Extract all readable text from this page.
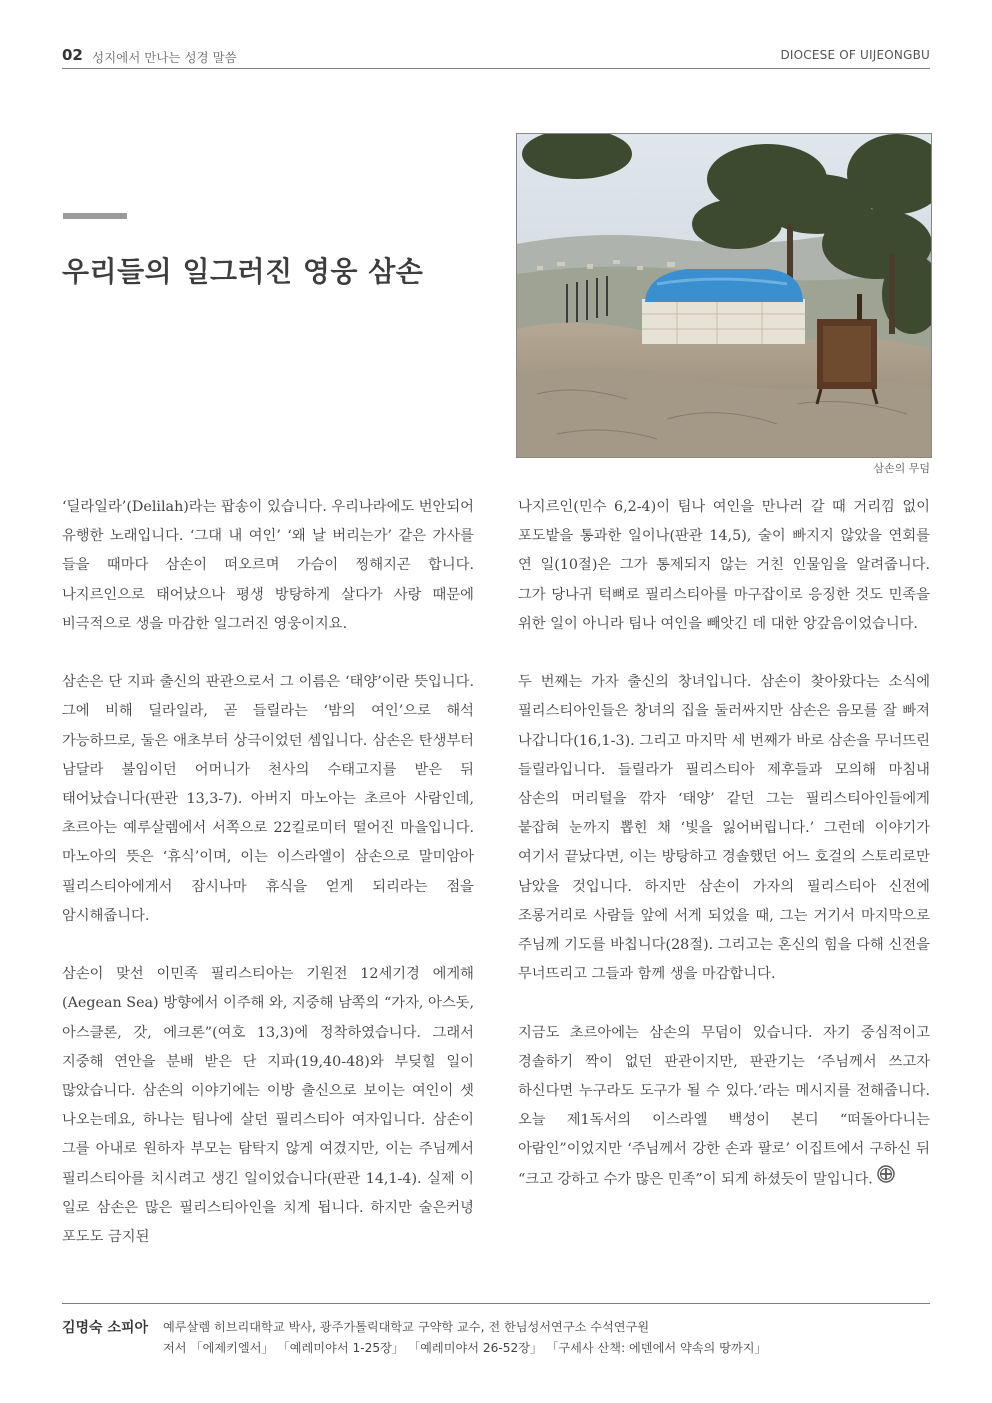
02 성지에서 만나는 성경 말씀	DIOCESE OF UIJEONGBU
우리들의 일그러진 영웅 삼손
삼손의 무덤

‘딜라일라’(Delilah)라는 팝송이 있습니다. 우리나라에도 번안되어 유행한 노래입니다. ‘그대 내 여인’ ‘왜 날 버리는가’ 같은 가사를 들을 때마다 삼손이 떠오르며 가슴이 찡해지곤 합니다. 나지르인으로 태어났으나 평생 방탕하게 살다가 사랑 때문에 비극적으로 생을 마감한 일그러진 영웅이지요.

삼손은 단 지파 출신의 판관으로서 그 이름은 ‘태양’이란 뜻입니다. 그에 비해 딜라일라, 곧 들릴라는 ‘밤의 여인’으로 해석 가능하므로, 둘은 애초부터 상극이었던 셈입니다. 삼손은 탄생부터 남달라 불임이던 어머니가 천사의 수태고지를 받은 뒤 태어났습니다(판관 13,3-7). 아버지 마노아는 초르아 사람인데, 초르아는 예루살렘에서 서쪽으로 22킬로미터 떨어진 마을입니다. 마노아의 뜻은 ‘휴식’이며, 이는 이스라엘이 삼손으로 말미암아 필리스티아에게서 잠시나마 휴식을 얻게 되리라는 점을 암시해줍니다.

삼손이 맞선 이민족 필리스티아는 기원전 12세기경 에게해(Aegean Sea) 방향에서 이주해 와, 지중해 남쪽의 “가자, 아스돗, 아스클론, 갓, 에크론”(여호 13,3)에 정착하였습니다. 그래서 지중해 연안을 분배 받은 단 지파(19,40-48)와 부딪힐 일이 많았습니다. 삼손의 이야기에는 이방 출신으로 보이는 여인이 셋 나오는데요, 하나는 팀나에 살던 필리스티아 여자입니다. 삼손이 그를 아내로 원하자 부모는 탐탁지 않게 여겼지만, 이는 주님께서 필리스티아를 치시려고 생긴 일이었습니다(판관 14,1-4). 실제 이 일로 삼손은 많은 필리스티아인을 치게 됩니다. 하지만 술은커녕 포도도 금지된

나지르인(민수 6,2-4)이 팀나 여인을 만나러 갈 때 거리낌 없이 포도밭을 통과한 일이나(판관 14,5), 술이 빠지지 않았을 연회를 연 일(10절)은 그가 통제되지 않는 거친 인물임을 알려줍니다. 그가 당나귀 턱뼈로 필리스티아를 마구잡이로 응징한 것도 민족을 위한 일이 아니라 팀나 여인을 빼앗긴 데 대한 앙갚음이었습니다.

두 번째는 가자 출신의 창녀입니다. 삼손이 찾아왔다는 소식에 필리스티아인들은 창녀의 집을 둘러싸지만 삼손은 음모를 잘 빠져 나갑니다(16,1-3). 그리고 마지막 세 번째가 바로 삼손을 무너뜨린 들릴라입니다. 들릴라가 필리스티아 제후들과 모의해 마침내 삼손의 머리털을 깎자 ‘태양’ 같던 그는 필리스티아인들에게 붙잡혀 눈까지 뽑힌 채 ‘빛을 잃어버립니다.’ 그런데 이야기가 여기서 끝났다면, 이는 방탕하고 경솔했던 어느 호걸의 스토리로만 남았을 것입니다. 하지만 삼손이 가자의 필리스티아 신전에 조롱거리로 사람들 앞에 서게 되었을 때, 그는 거기서 마지막으로 주님께 기도를 바칩니다(28절). 그리고는 혼신의 힘을 다해 신전을 무너뜨리고 그들과 함께 생을 마감합니다.

지금도 초르아에는 삼손의 무덤이 있습니다. 자기 중심적이고 경솔하기 짝이 없던 판관이지만, 판관기는 ‘주님께서 쓰고자 하신다면 누구라도 도구가 될 수 있다.’라는 메시지를 전해줍니다. 오늘 제1독서의 이스라엘 백성이 본디 “떠돌아다니는 아람인”이었지만 ‘주님께서 강한 손과 팔로’ 이집트에서 구하신 뒤 “크고 강하고 수가 많은 민족”이 되게 하셨듯이 말입니다.

김명숙 소피아 예루살렘 히브리대학교 박사, 광주가톨릭대학교 구약학 교수, 전 한님성서연구소 수석연구원
저서 「에제키엘서」 「예레미야서 1-25장」 「예레미야서 26-52장」 「구세사 산책: 에덴에서 약속의 땅까지」
